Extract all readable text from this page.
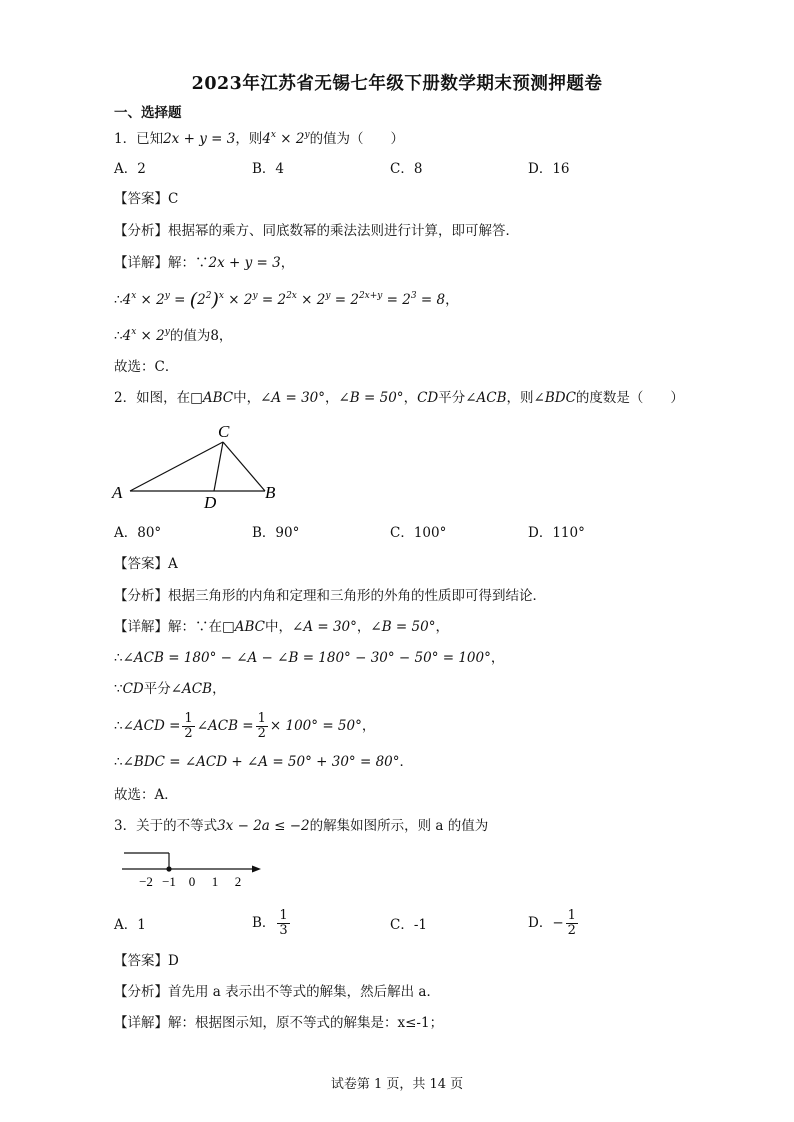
2023年江苏省无锡七年级下册数学期末预测押题卷
一、选择题
1．已知2x + y = 3，则$4^x \times 2^y$的值为（　　）
A．2	B．4	C．8	D．16
【答案】C
【分析】根据幂的乘方、同底数幂的乘法法则进行计算，即可解答．
【详解】解：∵2x + y = 3，
$\therefore 4^x \times 2^y = (2^2)^x \times 2^y = 2^{2x} \times 2^y = 2^{2x+y} = 2^3 = 8$，
$\therefore 4^x \times 2^y$的值为8，
故选：C．
2．如图，在□ABC中，∠A = 30°，∠B = 50°，CD平分∠ACB，则∠BDC的度数是（　　）
C
A
D
B
A．80°	B．90°	C．100°	D．110°
【答案】A
【分析】根据三角形的内角和定理和三角形的外角的性质即可得到结论．
【详解】解：∵在□ABC中，∠A = 30°，∠B = 50°，
∴∠ACB = 180° − ∠A − ∠B = 180° − 30° − 50° = 100°，
∵CD平分∠ACB，
∴∠ACD = $\frac{1}{2}$ ∠ACB = $\frac{1}{2} \times 100^\circ = 50^\circ$，
∴∠BDC = ∠ACD + ∠A = 50° + 30° = 80°．
故选：A．
3．关于的不等式3x − 2a ≤ −2的解集如图所示，则 a 的值为
−2 −1 0 1 2
A．1	B． $\frac{1}{3}$	C．-1	D．− $\frac{1}{2}$
【答案】D
【分析】首先用 a 表示出不等式的解集，然后解出 a．
【详解】解：根据图示知，原不等式的解集是：x≤-1；
试卷第 1 页，共 14 页
